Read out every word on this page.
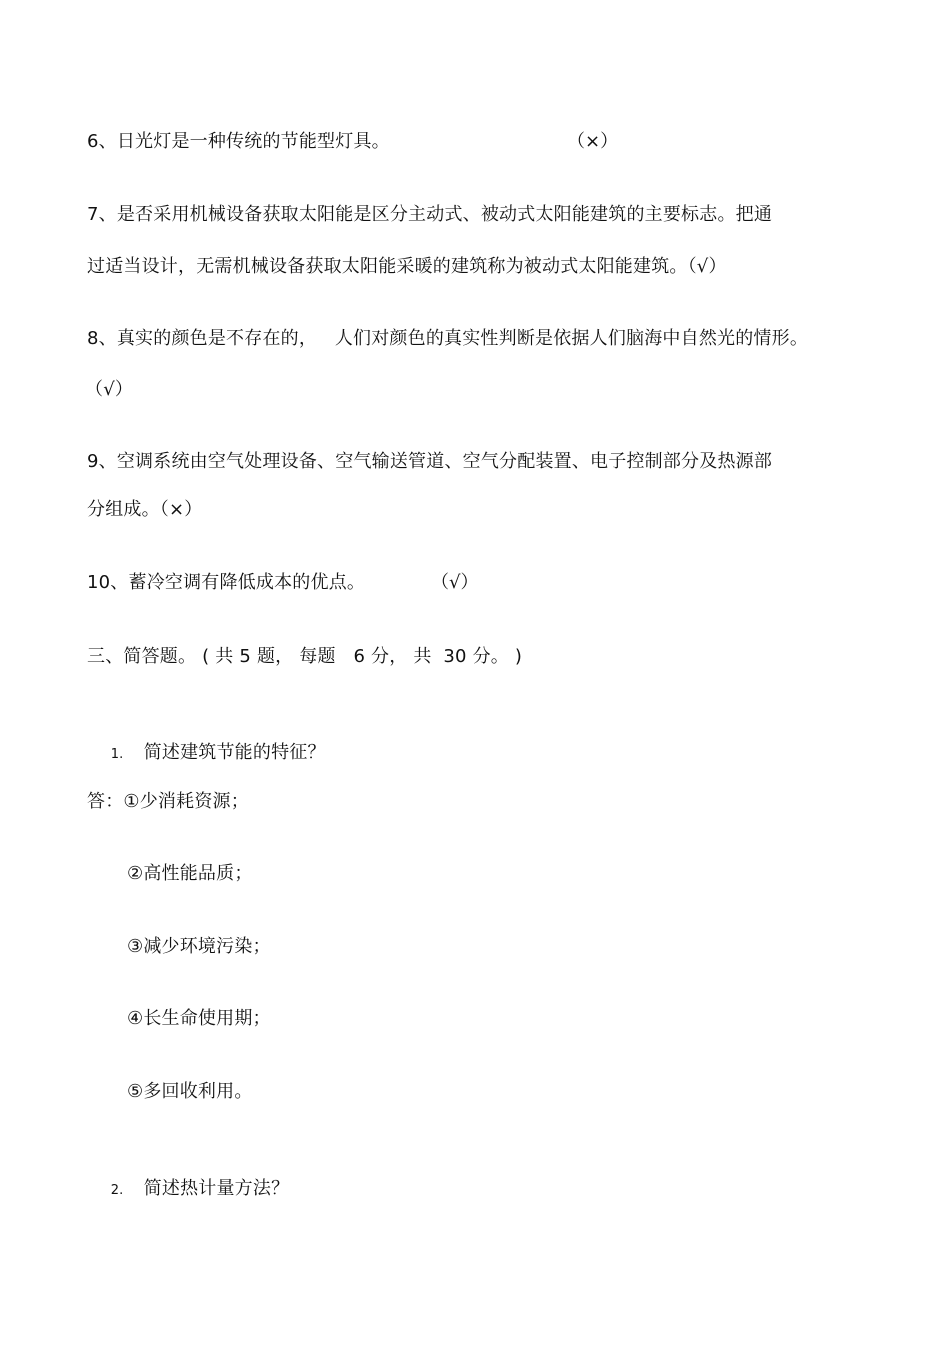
6、日光灯是一种传统的节能型灯具。	（×）
7、是否采用机械设备获取太阳能是区分主动式、被动式太阳能建筑的主要标志。把通
过适当设计，无需机械设备获取太阳能采暖的建筑称为被动式太阳能建筑。（√）
8、真实的颜色是不存在的，   人们对颜色的真实性判断是依据人们脑海中自然光的情形。
（√）
9、空调系统由空气处理设备、空气输送管道、空气分配装置、电子控制部分及热源部
分组成。（×）
10、蓄冷空调有降低成本的优点。	（√）
三、简答题。 ( 共 5 题， 每题   6 分， 共  30 分。 )

1. 简述建筑节能的特征？

答：①少消耗资源；
②高性能品质；
③减少环境污染；
④长生命使用期；
⑤多回收利用。

2. 简述热计量方法？
